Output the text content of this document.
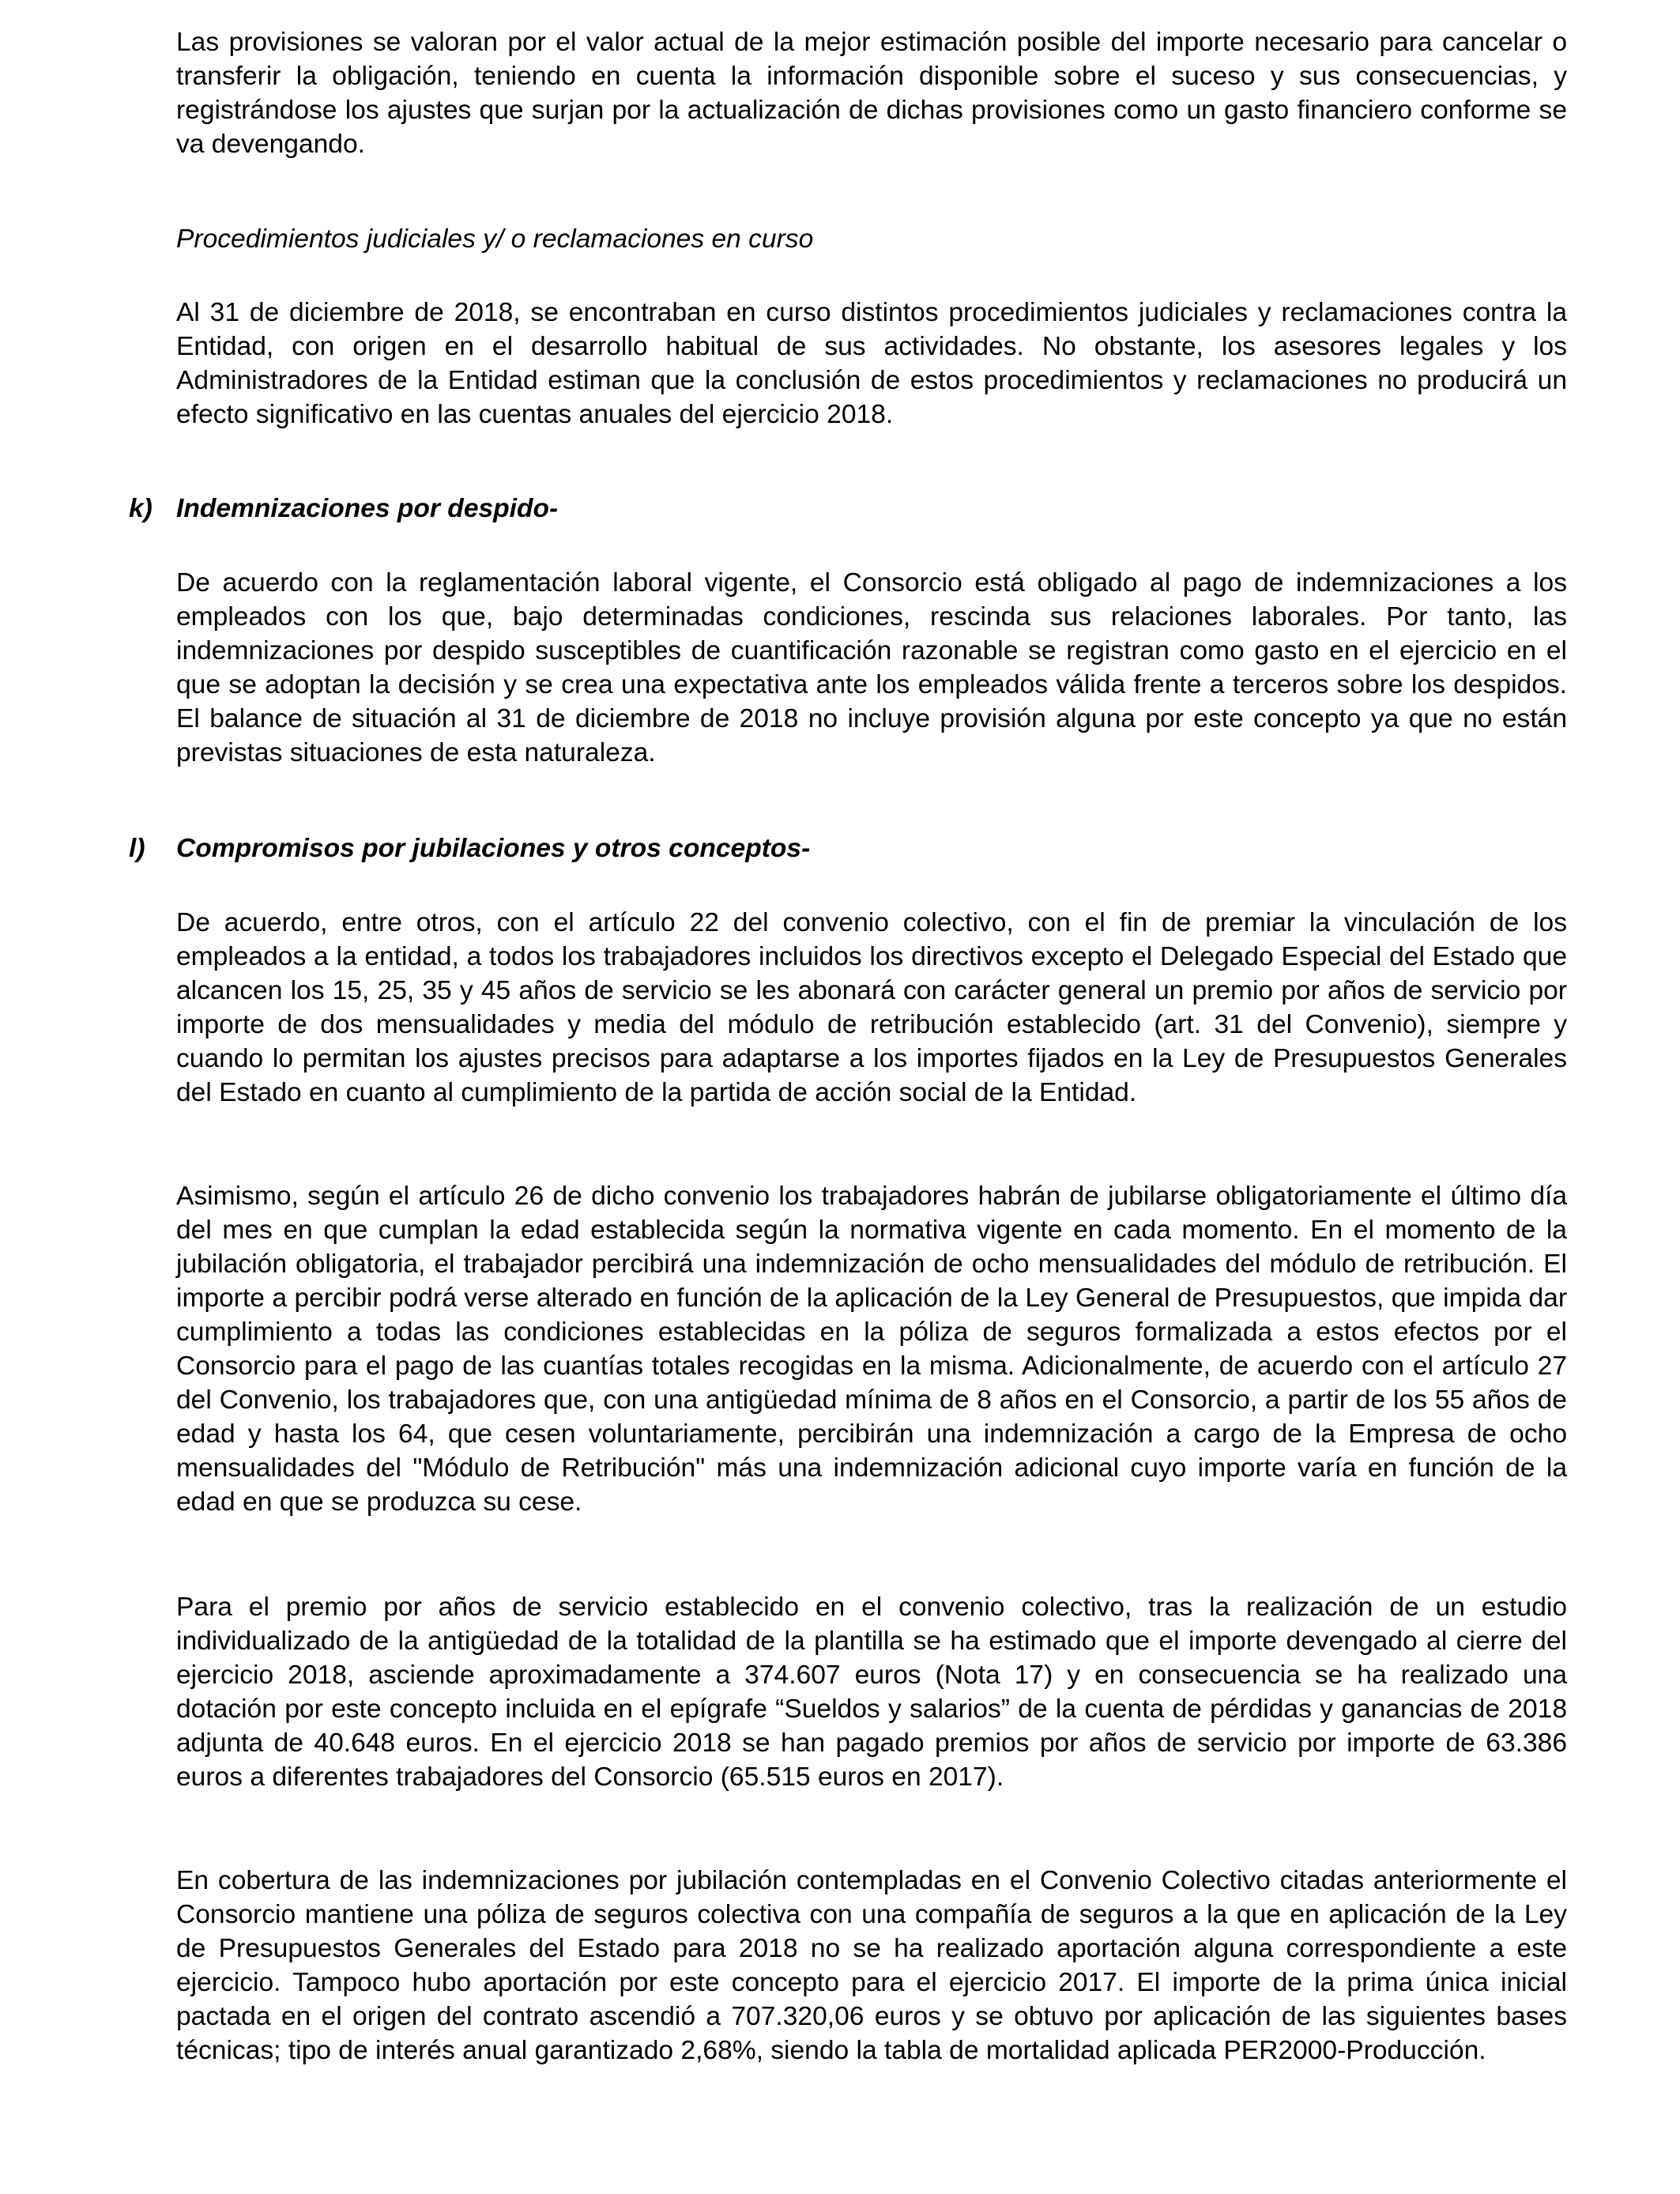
Las provisiones se valoran por el valor actual de la mejor estimación posible del importe necesario para cancelar o transferir la obligación, teniendo en cuenta la información disponible sobre el suceso y sus consecuencias, y registrándose los ajustes que surjan por la actualización de dichas provisiones como un gasto financiero conforme se va devengando.

Procedimientos judiciales y/ o reclamaciones en curso

Al 31 de diciembre de 2018, se encontraban en curso distintos procedimientos judiciales y reclamaciones contra la Entidad, con origen en el desarrollo habitual de sus actividades. No obstante, los asesores legales y los Administradores de la Entidad estiman que la conclusión de estos procedimientos y reclamaciones no producirá un efecto significativo en las cuentas anuales del ejercicio 2018.

k) Indemnizaciones por despido-

De acuerdo con la reglamentación laboral vigente, el Consorcio está obligado al pago de indemnizaciones a los empleados con los que, bajo determinadas condiciones, rescinda sus relaciones laborales. Por tanto, las indemnizaciones por despido susceptibles de cuantificación razonable se registran como gasto en el ejercicio en el que se adoptan la decisión y se crea una expectativa ante los empleados válida frente a terceros sobre los despidos. El balance de situación al 31 de diciembre de 2018 no incluye provisión alguna por este concepto ya que no están previstas situaciones de esta naturaleza.

l) Compromisos por jubilaciones y otros conceptos-

De acuerdo, entre otros, con el artículo 22 del convenio colectivo, con el fin de premiar la vinculación de los empleados a la entidad, a todos los trabajadores incluidos los directivos excepto el Delegado Especial del Estado que alcancen los 15, 25, 35 y 45 años de servicio se les abonará con carácter general un premio por años de servicio por importe de dos mensualidades y media del módulo de retribución establecido (art. 31 del Convenio), siempre y cuando lo permitan los ajustes precisos para adaptarse a los importes fijados en la Ley de Presupuestos Generales del Estado en cuanto al cumplimiento de la partida de acción social de la Entidad.

Asimismo, según el artículo 26 de dicho convenio los trabajadores habrán de jubilarse obligatoriamente el último día del mes en que cumplan la edad establecida según la normativa vigente en cada momento. En el momento de la jubilación obligatoria, el trabajador percibirá una indemnización de ocho mensualidades del módulo de retribución. El importe a percibir podrá verse alterado en función de la aplicación de la Ley General de Presupuestos, que impida dar cumplimiento a todas las condiciones establecidas en la póliza de seguros formalizada a estos efectos por el Consorcio para el pago de las cuantías totales recogidas en la misma. Adicionalmente, de acuerdo con el artículo 27 del Convenio, los trabajadores que, con una antigüedad mínima de 8 años en el Consorcio, a partir de los 55 años de edad y hasta los 64, que cesen voluntariamente, percibirán una indemnización a cargo de la Empresa de ocho mensualidades del "Módulo de Retribución" más una indemnización adicional cuyo importe varía en función de la edad en que se produzca su cese.

Para el premio por años de servicio establecido en el convenio colectivo, tras la realización de un estudio individualizado de la antigüedad de la totalidad de la plantilla se ha estimado que el importe devengado al cierre del ejercicio 2018, asciende aproximadamente a 374.607 euros (Nota 17) y en consecuencia se ha realizado una dotación por este concepto incluida en el epígrafe “Sueldos y salarios” de la cuenta de pérdidas y ganancias de 2018 adjunta de 40.648 euros. En el ejercicio 2018 se han pagado premios por años de servicio por importe de 63.386 euros a diferentes trabajadores del Consorcio (65.515 euros en 2017).

En cobertura de las indemnizaciones por jubilación contempladas en el Convenio Colectivo citadas anteriormente el Consorcio mantiene una póliza de seguros colectiva con una compañía de seguros a la que en aplicación de la Ley de Presupuestos Generales del Estado para 2018 no se ha realizado aportación alguna correspondiente a este ejercicio. Tampoco hubo aportación por este concepto para el ejercicio 2017. El importe de la prima única inicial pactada en el origen del contrato ascendió a 707.320,06 euros y se obtuvo por aplicación de las siguientes bases técnicas; tipo de interés anual garantizado 2,68%, siendo la tabla de mortalidad aplicada PER2000-Producción.
